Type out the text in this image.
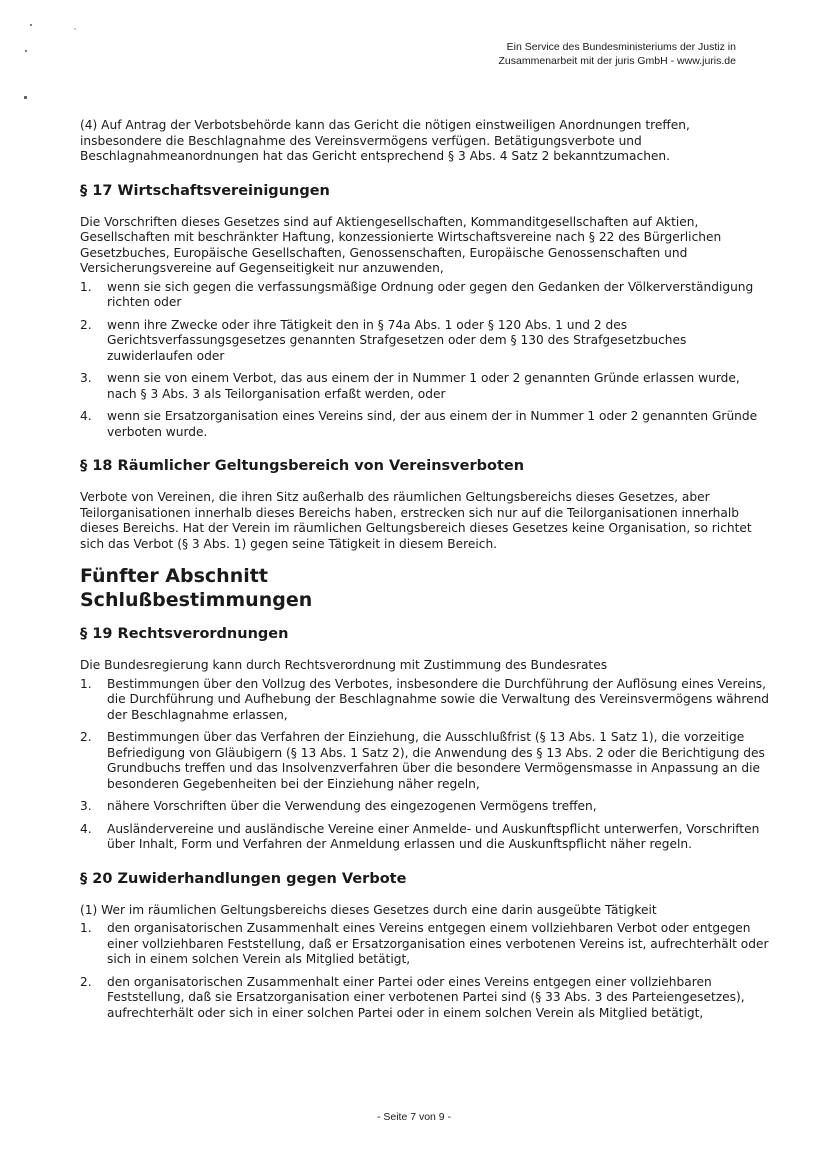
Ein Service des Bundesministeriums der Justiz in
Zusammenarbeit mit der juris GmbH - www.juris.de

(4) Auf Antrag der Verbotsbehörde kann das Gericht die nötigen einstweiligen Anordnungen treffen, insbesondere die Beschlagnahme des Vereinsvermögens verfügen. Betätigungsverbote und Beschlagnahmeanordnungen hat das Gericht entsprechend § 3 Abs. 4 Satz 2 bekanntzumachen.

§ 17 Wirtschaftsvereinigungen

Die Vorschriften dieses Gesetzes sind auf Aktiengesellschaften, Kommanditgesellschaften auf Aktien, Gesellschaften mit beschränkter Haftung, konzessionierte Wirtschaftsvereine nach § 22 des Bürgerlichen Gesetzbuches, Europäische Gesellschaften, Genossenschaften, Europäische Genossenschaften und Versicherungsvereine auf Gegenseitigkeit nur anzuwenden,

1.	wenn sie sich gegen die verfassungsmäßige Ordnung oder gegen den Gedanken der Völkerverständigung richten oder
2.	wenn ihre Zwecke oder ihre Tätigkeit den in § 74a Abs. 1 oder § 120 Abs. 1 und 2 des Gerichtsverfassungsgesetzes genannten Strafgesetzen oder dem § 130 des Strafgesetzbuches zuwiderlaufen oder
3.	wenn sie von einem Verbot, das aus einem der in Nummer 1 oder 2 genannten Gründe erlassen wurde, nach § 3 Abs. 3 als Teilorganisation erfaßt werden, oder
4.	wenn sie Ersatzorganisation eines Vereins sind, der aus einem der in Nummer 1 oder 2 genannten Gründe verboten wurde.
§ 18 Räumlicher Geltungsbereich von Vereinsverboten

Verbote von Vereinen, die ihren Sitz außerhalb des räumlichen Geltungsbereichs dieses Gesetzes, aber Teilorganisationen innerhalb dieses Bereichs haben, erstrecken sich nur auf die Teilorganisationen innerhalb dieses Bereichs. Hat der Verein im räumlichen Geltungsbereich dieses Gesetzes keine Organisation, so richtet sich das Verbot (§ 3 Abs. 1) gegen seine Tätigkeit in diesem Bereich.

Fünfter Abschnitt
Schlußbestimmungen
§ 19 Rechtsverordnungen

Die Bundesregierung kann durch Rechtsverordnung mit Zustimmung des Bundesrates

1.	Bestimmungen über den Vollzug des Verbotes, insbesondere die Durchführung der Auflösung eines Vereins, die Durchführung und Aufhebung der Beschlagnahme sowie die Verwaltung des Vereinsvermögens während der Beschlagnahme erlassen,
2.	Bestimmungen über das Verfahren der Einziehung, die Ausschlußfrist (§ 13 Abs. 1 Satz 1), die vorzeitige Befriedigung von Gläubigern (§ 13 Abs. 1 Satz 2), die Anwendung des § 13 Abs. 2 oder die Berichtigung des Grundbuchs treffen und das Insolvenzverfahren über die besondere Vermögensmasse in Anpassung an die besonderen Gegebenheiten bei der Einziehung näher regeln,
3.	nähere Vorschriften über die Verwendung des eingezogenen Vermögens treffen,
4.	Ausländervereine und ausländische Vereine einer Anmelde- und Auskunftspflicht unterwerfen, Vorschriften über Inhalt, Form und Verfahren der Anmeldung erlassen und die Auskunftspflicht näher regeln.
§ 20 Zuwiderhandlungen gegen Verbote

(1) Wer im räumlichen Geltungsbereichs dieses Gesetzes durch eine darin ausgeübte Tätigkeit

1.	den organisatorischen Zusammenhalt eines Vereins entgegen einem vollziehbaren Verbot oder entgegen einer vollziehbaren Feststellung, daß er Ersatzorganisation eines verbotenen Vereins ist, aufrechterhält oder sich in einem solchen Verein als Mitglied betätigt,
2.	den organisatorischen Zusammenhalt einer Partei oder eines Vereins entgegen einer vollziehbaren Feststellung, daß sie Ersatzorganisation einer verbotenen Partei sind (§ 33 Abs. 3 des Parteiengesetzes), aufrechterhält oder sich in einer solchen Partei oder in einem solchen Verein als Mitglied betätigt,
- Seite 7 von 9 -
